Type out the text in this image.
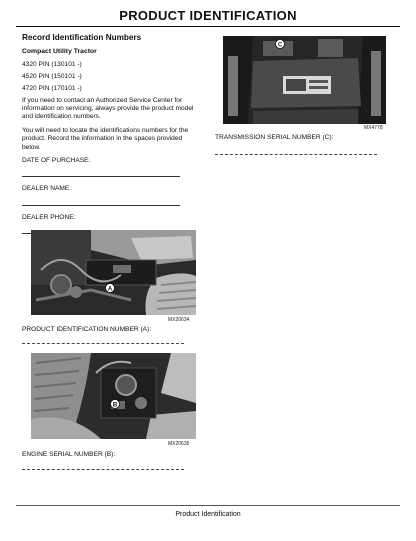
PRODUCT IDENTIFICATION
Record Identification Numbers
Compact Utility Tractor
4320 PIN (130101 -)
4520 PIN (150101 -)
4720 PIN (170101 -)

If you need to contact an Authorized Service Center for information on servicing, always provide the product model and identification numbers.

You will need to locate the identifications numbers for the product. Record the information in the spaces provided below.

DATE OF PURCHASE:
DEALER NAME:
DEALER PHONE:
A
MX20634
PRODUCT IDENTIFICATION NUMBER (A):
B
MX20635
ENGINE SERIAL NUMBER (B):
C
MX4778
TRANSMISSION SERIAL NUMBER (C):
Product Identification
